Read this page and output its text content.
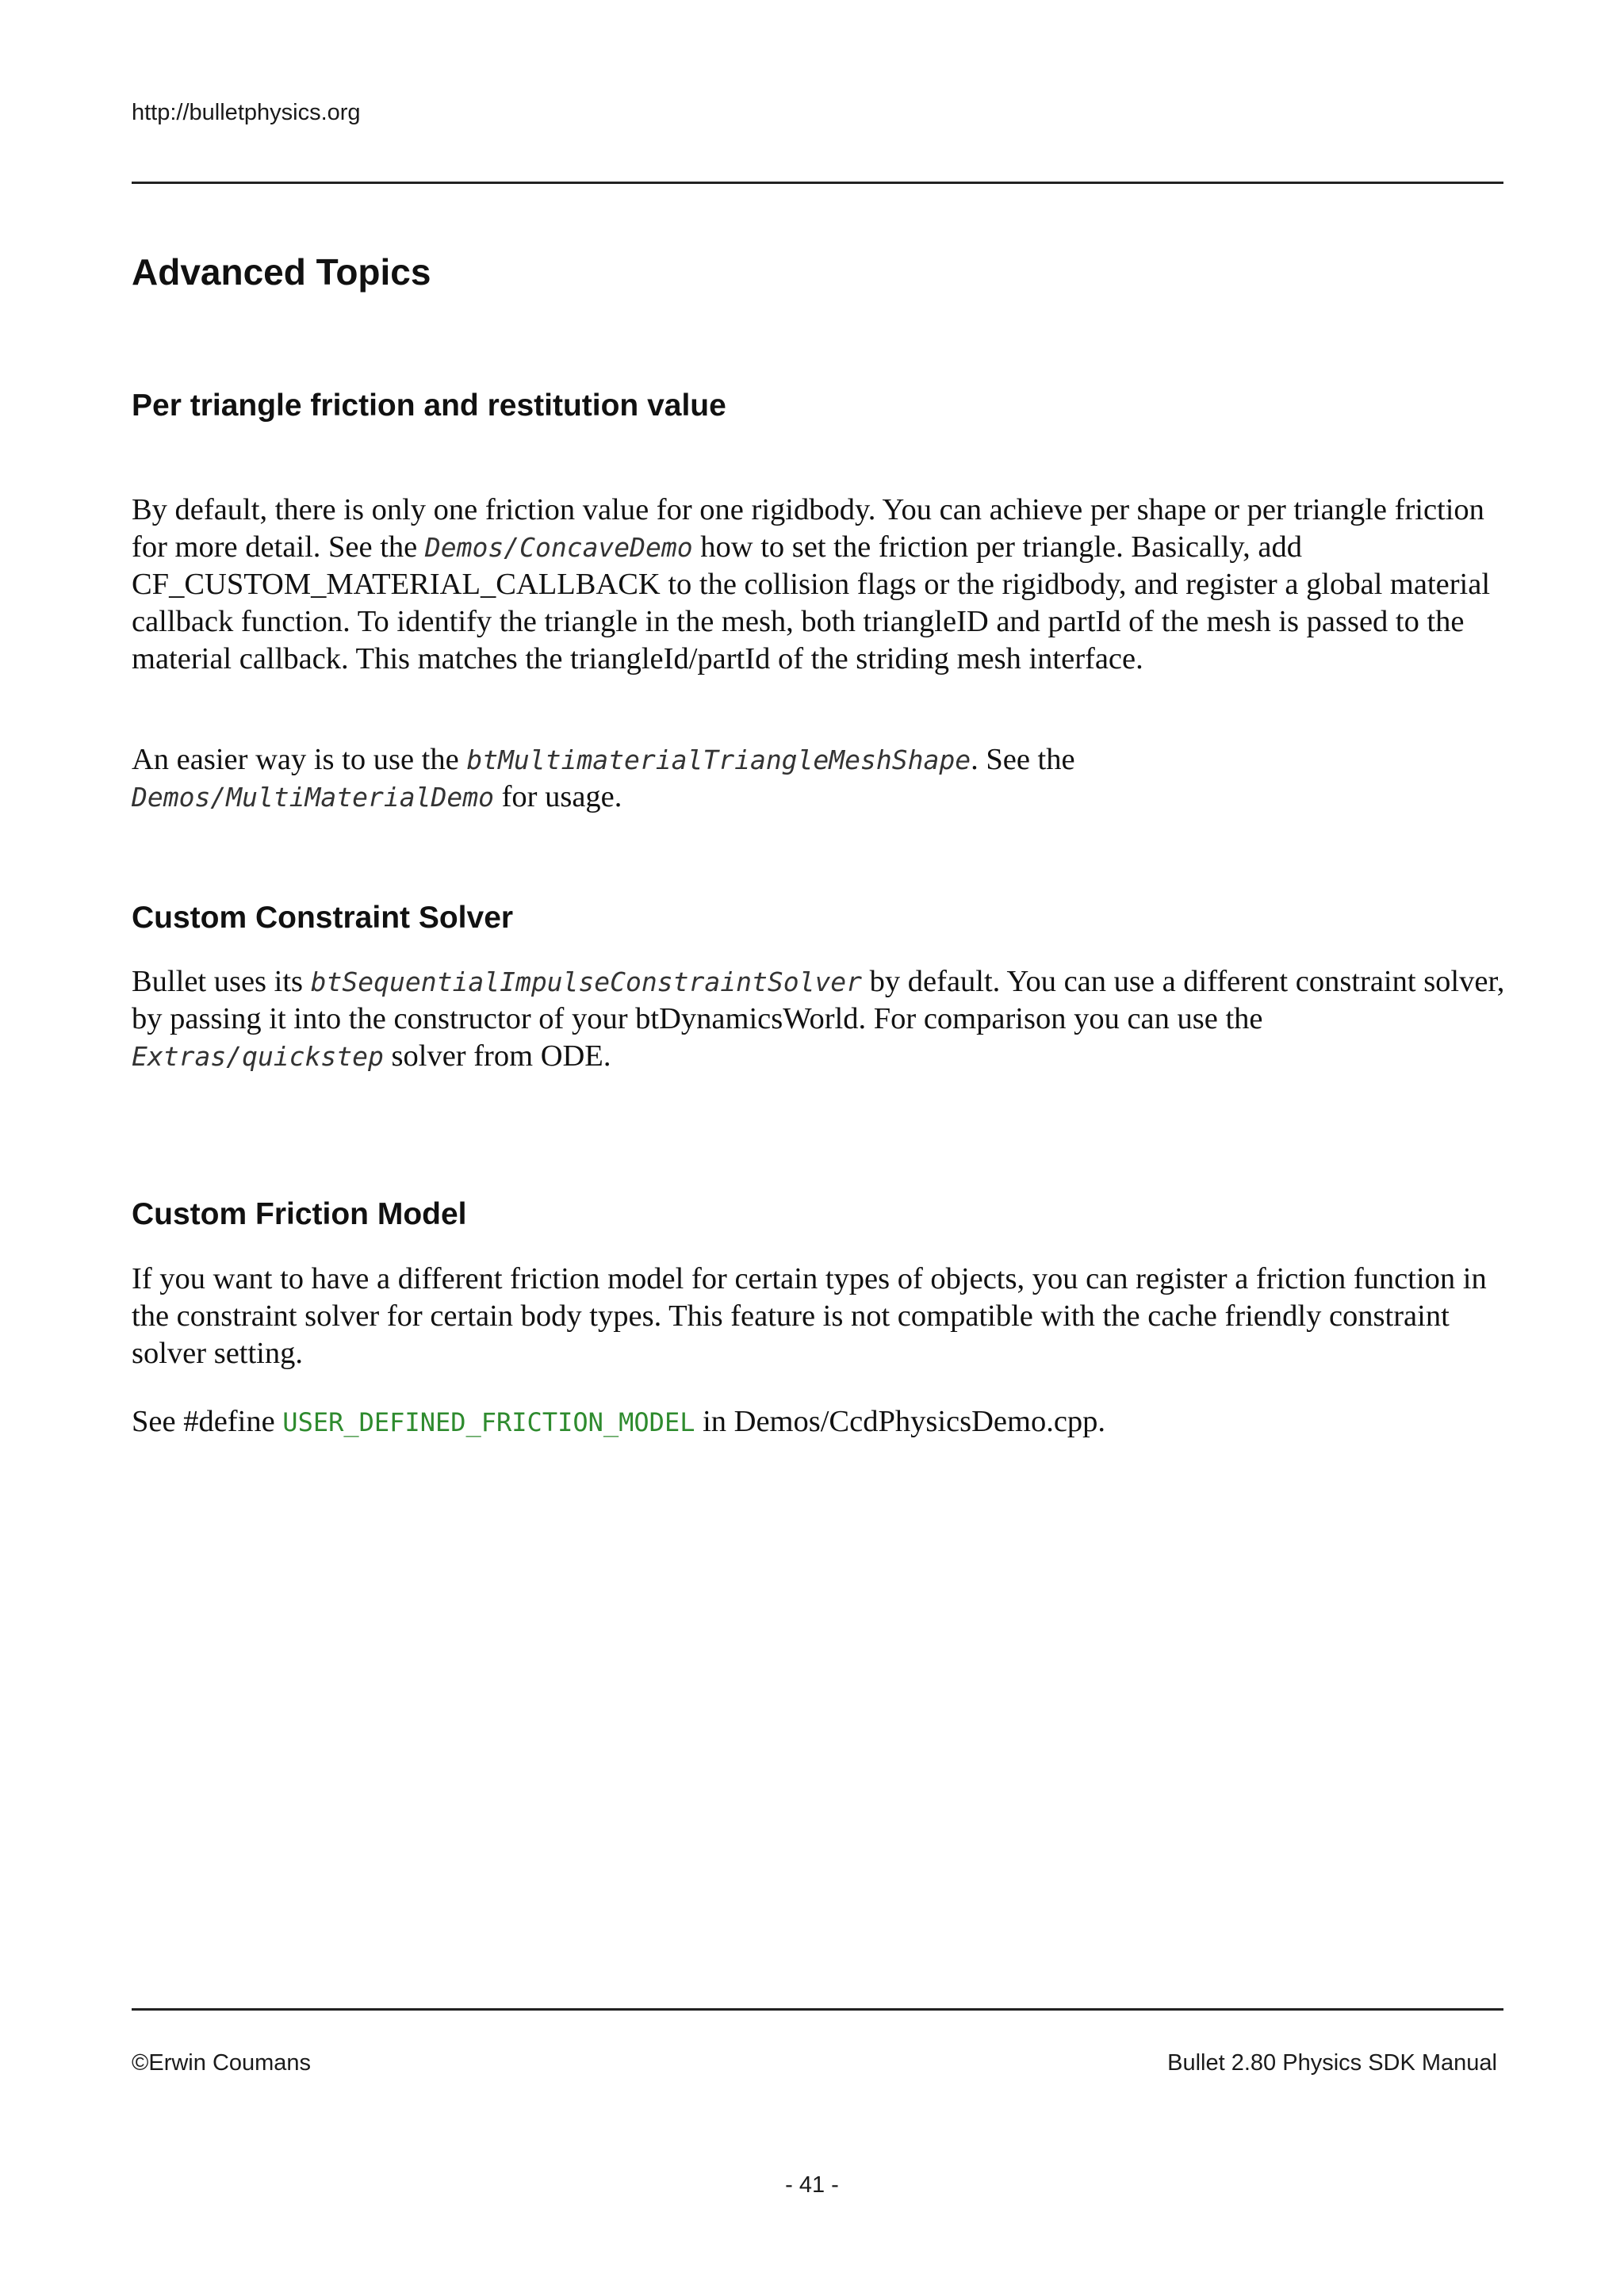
http://bulletphysics.org
Advanced Topics
Per triangle friction and restitution value

By default, there is only one friction value for one rigidbody. You can achieve per shape or per triangle friction for more detail. See the Demos/ConcaveDemo how to set the friction per triangle. Basically, add CF_CUSTOM_MATERIAL_CALLBACK to the collision flags or the rigidbody, and register a global material callback function. To identify the triangle in the mesh, both triangleID and partId of the mesh is passed to the material callback. This matches the triangleId/partId of the striding mesh interface.

An easier way is to use the btMultimaterialTriangleMeshShape. See the
Demos/MultiMaterialDemo for usage.

Custom Constraint Solver

Bullet uses its btSequentialImpulseConstraintSolver by default. You can use a different constraint solver, by passing it into the constructor of your btDynamicsWorld. For comparison you can use the Extras/quickstep solver from ODE.

Custom Friction Model

If you want to have a different friction model for certain types of objects, you can register a friction function in the constraint solver for certain body types. This feature is not compatible with the cache friendly constraint solver setting.

See #define USER_DEFINED_FRICTION_MODEL in Demos/CcdPhysicsDemo.cpp.

©Erwin Coumans	Bullet 2.80 Physics SDK Manual
- 41 -
